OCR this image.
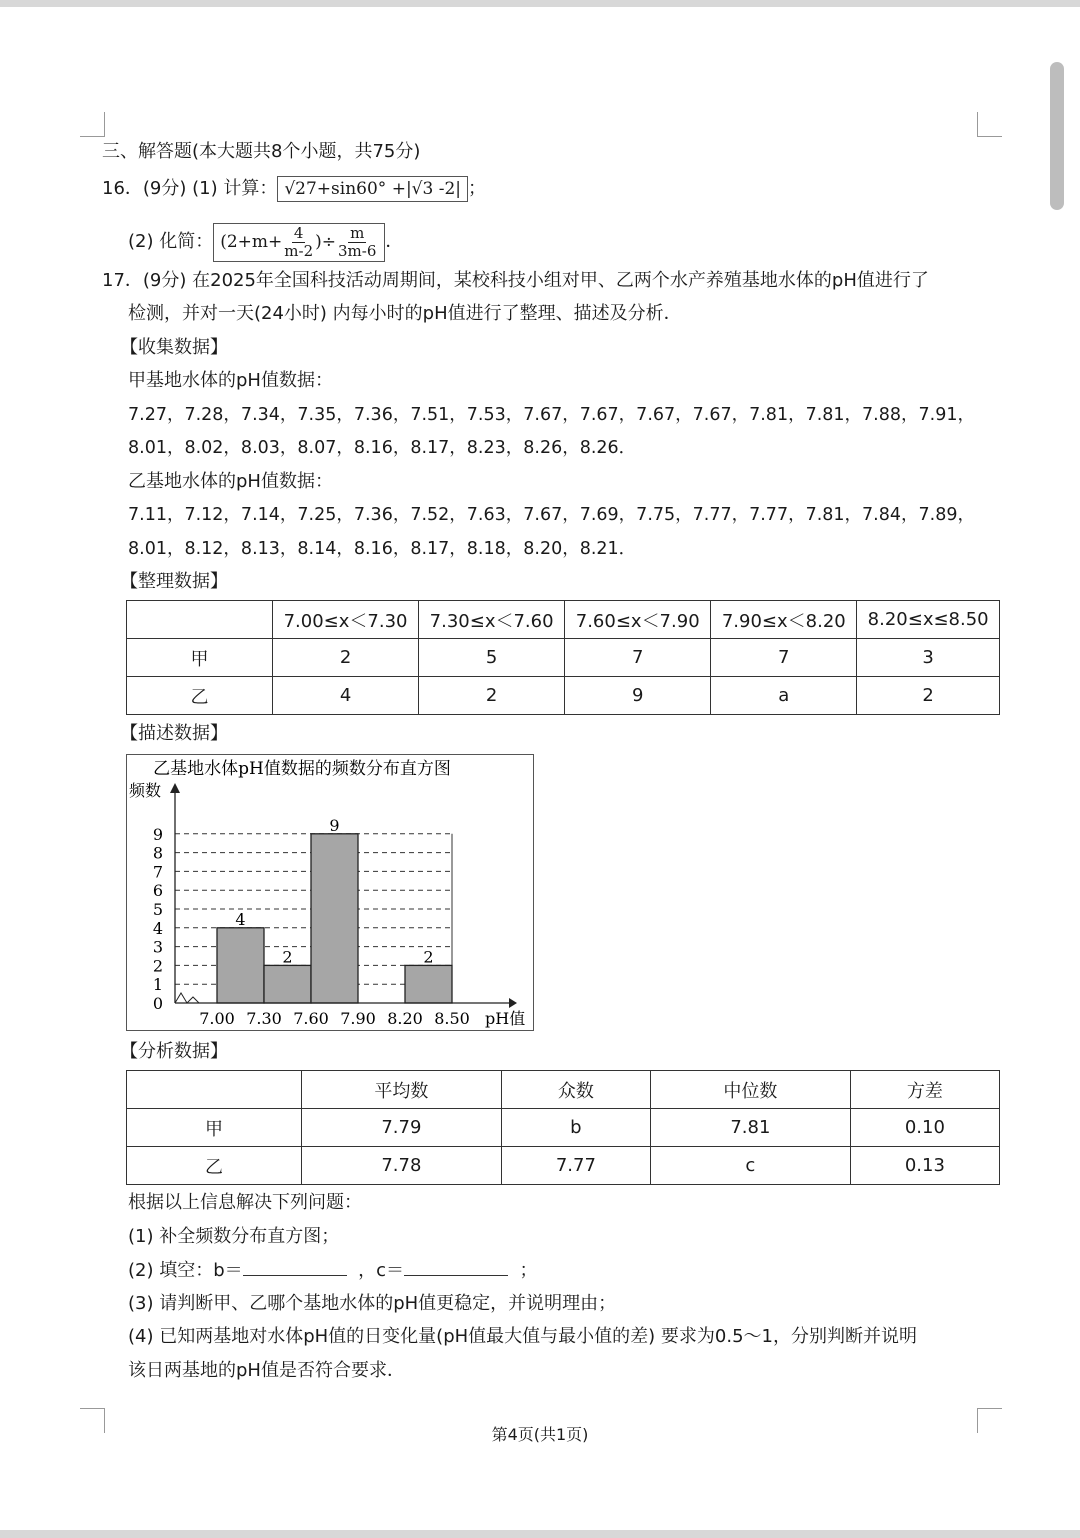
三、解答题(本大题共8个小题，共75分)
16．(9分) (1) 计算： √27+sin60° +|√3 -2| ；
(2) 化简： ($2+m+ \frac{4}{m-2}$ )÷ $\frac{m}{3m-6}$ ．
17．(9分) 在2025年全国科技活动周期间，某校科技小组对甲、乙两个水产养殖基地水体的pH值进行了
检测，并对一天(24小时) 内每小时的pH值进行了整理、描述及分析．
【收集数据】
甲基地水体的pH值数据：
7.27，7.28，7.34，7.35，7.36，7.51，7.53，7.67，7.67，7.67，7.67，7.81，7.81，7.88，7.91，
8.01，8.02，8.03，8.07，8.16，8.17，8.23，8.26，8.26．
乙基地水体的pH值数据：
7.11，7.12，7.14，7.25，7.36，7.52，7.63，7.67，7.69，7.75，7.77，7.77，7.81，7.84，7.89，
8.01，8.12，8.13，8.14，8.16，8.17，8.18，8.20，8.21．
【整理数据】
	7.00≤x＜7.30	7.30≤x＜7.60	7.60≤x＜7.90	7.90≤x＜8.20	8.20≤x≤8.50
甲	2	5	7	7	3
乙	4	2	9	a	2
【描述数据】
乙基地水体pH值数据的频数分布直方图
频数
4
2
9
2
0
1
2
3
4
5
6
7
8
9
7.00 7.30 7.60 7.90 8.20 8.50 pH值
【分析数据】
	平均数	众数	中位数	方差
甲	7.79	b	7.81	0.10
乙	7.78	7.77	c	0.13
根据以上信息解决下列问题：
(1) 补全频数分布直方图；
(2) 填空：b＝	，c＝	；
(3) 请判断甲、乙哪个基地水体的pH值更稳定，并说明理由；
(4) 已知两基地对水体pH值的日变化量(pH值最大值与最小值的差) 要求为0.5～1，分别判断并说明
该日两基地的pH值是否符合要求．
第4页(共1页)
